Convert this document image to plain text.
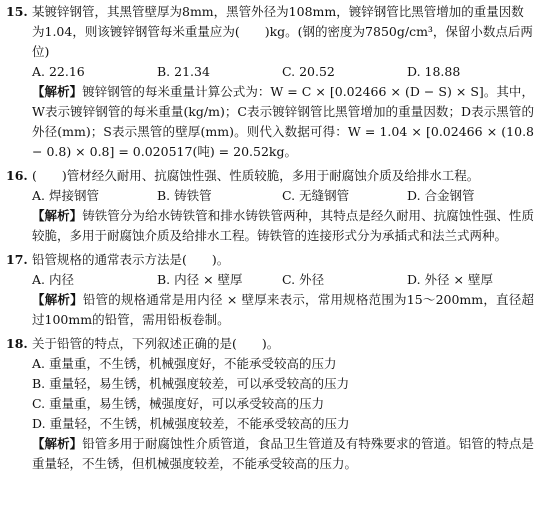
15. 某镀锌钢管，其黑管壁厚为8mm，黑管外径为108mm，镀锌钢管比黑管增加的重量因数为1.04，则该镀锌钢管每米重量应为(　　)kg。(钢的密度为7850g/cm³，保留小数点后两位)
A. 22.16	B. 21.34	C. 20.52	D. 18.88
【解析】镀锌钢管的每米重量计算公式为：W = C × [0.02466 × (D − S) × S]。其中，W表示镀锌钢管的每米重量(kg/m)；C表示镀锌钢管比黑管增加的重量因数；D表示黑管的外径(mm)；S表示黑管的壁厚(mm)。则代入数据可得：W = 1.04 × [0.02466 × (10.8 − 0.8) × 0.8] = 0.020517(吨) = 20.52kg。
16. (　　)管材经久耐用、抗腐蚀性强、性质较脆，多用于耐腐蚀介质及给排水工程。
A. 焊接钢管	B. 铸铁管	C. 无缝钢管	D. 合金钢管
【解析】铸铁管分为给水铸铁管和排水铸铁管两种，其特点是经久耐用、抗腐蚀性强、性质较脆，多用于耐腐蚀介质及给排水工程。铸铁管的连接形式分为承插式和法兰式两种。
17. 铅管规格的通常表示方法是(　　)。
A. 内径	B. 内径 × 壁厚	C. 外径	D. 外径 × 壁厚
【解析】铅管的规格通常是用内径 × 壁厚来表示，常用规格范围为15～200mm，直径超过100mm的铅管，需用铅板卷制。
18. 关于铅管的特点，下列叙述正确的是(　　)。
A. 重量重，不生锈，机械强度好，不能承受较高的压力
B. 重量轻，易生锈，机械强度较差，可以承受较高的压力
C. 重量重，易生锈，械强度好，可以承受较高的压力
D. 重量轻，不生锈，机械强度较差，不能承受较高的压力
【解析】铅管多用于耐腐蚀性介质管道，食品卫生管道及有特殊要求的管道。铝管的特点是重量轻，不生锈，但机械强度较差，不能承受较高的压力。
